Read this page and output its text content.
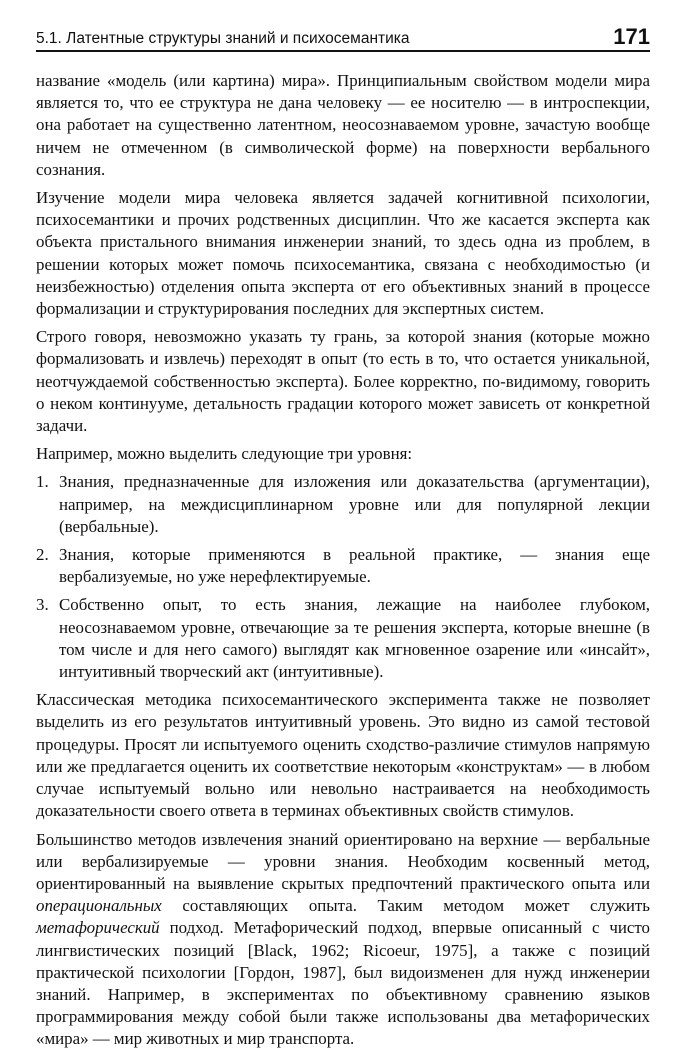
5.1. Латентные структуры знаний и психосемантика	171

название «модель (или картина) мира». Принципиальным свойством модели мира является то, что ее структура не дана человеку — ее носителю — в интроспекции, она работает на существенно латентном, неосознаваемом уровне, зачастую вообще ничем не отмеченном (в символической форме) на поверхности вербального сознания.

Изучение модели мира человека является задачей когнитивной психологии, психосемантики и прочих родственных дисциплин. Что же касается эксперта как объекта пристального внимания инженерии знаний, то здесь одна из проблем, в решении которых может помочь психосемантика, связана с необходимостью (и неизбежностью) отделения опыта эксперта от его объективных знаний в процессе формализации и структурирования последних для экспертных систем.

Строго говоря, невозможно указать ту грань, за которой знания (которые можно формализовать и извлечь) переходят в опыт (то есть в то, что остается уникальной, неотчуждаемой собственностью эксперта). Более корректно, по-видимому, говорить о неком континууме, детальность градации которого может зависеть от конкретной задачи.

Например, можно выделить следующие три уровня:

1. Знания, предназначенные для изложения или доказательства (аргументации), например, на междисциплинарном уровне или для популярной лекции (вербальные).
2. Знания, которые применяются в реальной практике, — знания еще вербализуемые, но уже нерефлектируемые.
3. Собственно опыт, то есть знания, лежащие на наиболее глубоком, неосознаваемом уровне, отвечающие за те решения эксперта, которые внешне (в том числе и для него самого) выглядят как мгновенное озарение или «инсайт», интуитивный творческий акт (интуитивные).

Классическая методика психосемантического эксперимента также не позволяет выделить из его результатов интуитивный уровень. Это видно из самой тестовой процедуры. Просят ли испытуемого оценить сходство-различие стимулов напрямую или же предлагается оценить их соответствие некоторым «конструктам» — в любом случае испытуемый вольно или невольно настраивается на необходимость доказательности своего ответа в терминах объективных свойств стимулов.

Большинство методов извлечения знаний ориентировано на верхние — вербальные или вербализируемые — уровни знания. Необходим косвенный метод, ориентированный на выявление скрытых предпочтений практического опыта или операциональных составляющих опыта. Таким методом может служить метафорический подход. Метафорический подход, впервые описанный с чисто лингвистических позиций [Black, 1962; Ricoeur, 1975], а также с позиций практической психологии [Гордон, 1987], был видоизменен для нужд инженерии знаний. Например, в экспериментах по объективному сравнению языков программирования между собой были также использованы два метафорических «мира» — мир животных и мир транспорта.
